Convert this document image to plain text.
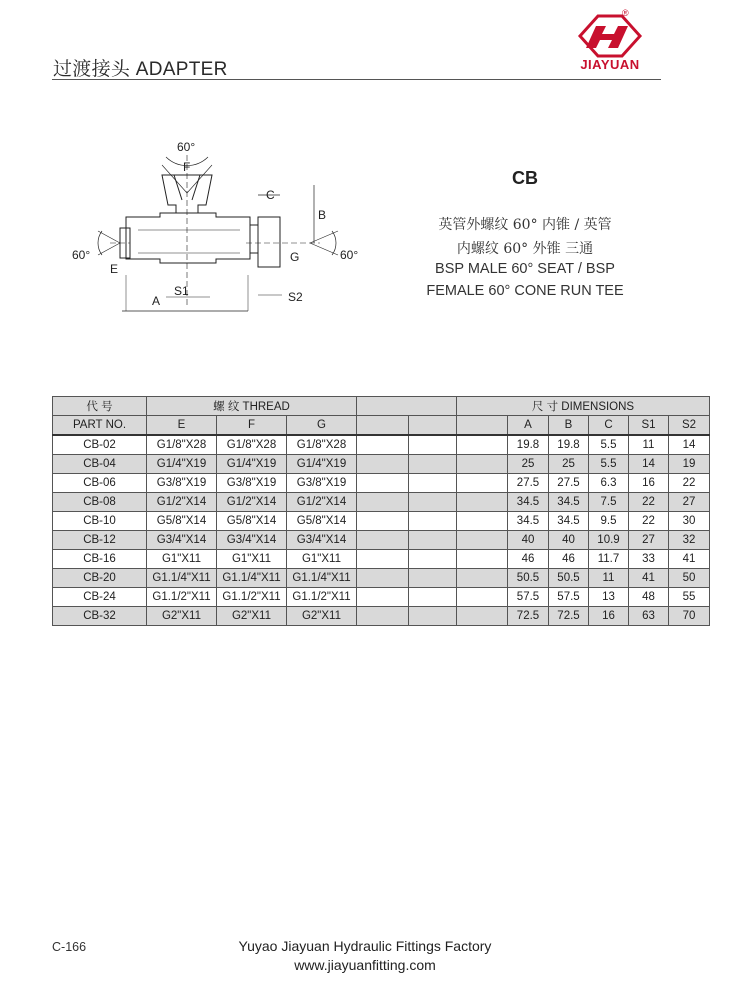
过渡接头 ADAPTER
®
JIAYUAN
60°
F
C
B
60°
E
G	60°
A
S1	S2
CB
英管外螺纹 60° 内锥 / 英管
内螺纹 60° 外锥 三通
BSP MALE 60° SEAT / BSP
FEMALE 60° CONE RUN TEE
代 号	螺 纹 THREAD					尺 寸 DIMENSIONS					
PART NO.	E	F	G				A	B	C	S1	S2
CB-02	G1/8"X28	G1/8"X28	G1/8"X28				19.8	19.8	5.5	11	14
CB-04	G1/4"X19	G1/4"X19	G1/4"X19				25	25	5.5	14	19
CB-06	G3/8"X19	G3/8"X19	G3/8"X19				27.5	27.5	6.3	16	22
CB-08	G1/2"X14	G1/2"X14	G1/2"X14				34.5	34.5	7.5	22	27
CB-10	G5/8"X14	G5/8"X14	G5/8"X14				34.5	34.5	9.5	22	30
CB-12	G3/4"X14	G3/4"X14	G3/4"X14				40	40	10.9	27	32
CB-16	G1"X11	G1"X11	G1"X11				46	46	11.7	33	41
CB-20	G1.1/4"X11	G1.1/4"X11	G1.1/4"X11				50.5	50.5	11	41	50
CB-24	G1.1/2"X11	G1.1/2"X11	G1.1/2"X11				57.5	57.5	13	48	55
CB-32	G2"X11	G2"X11	G2"X11				72.5	72.5	16	63	70
C-166	Yuyao Jiayuan Hydraulic Fittings Factory
www.jiayuanfitting.com
